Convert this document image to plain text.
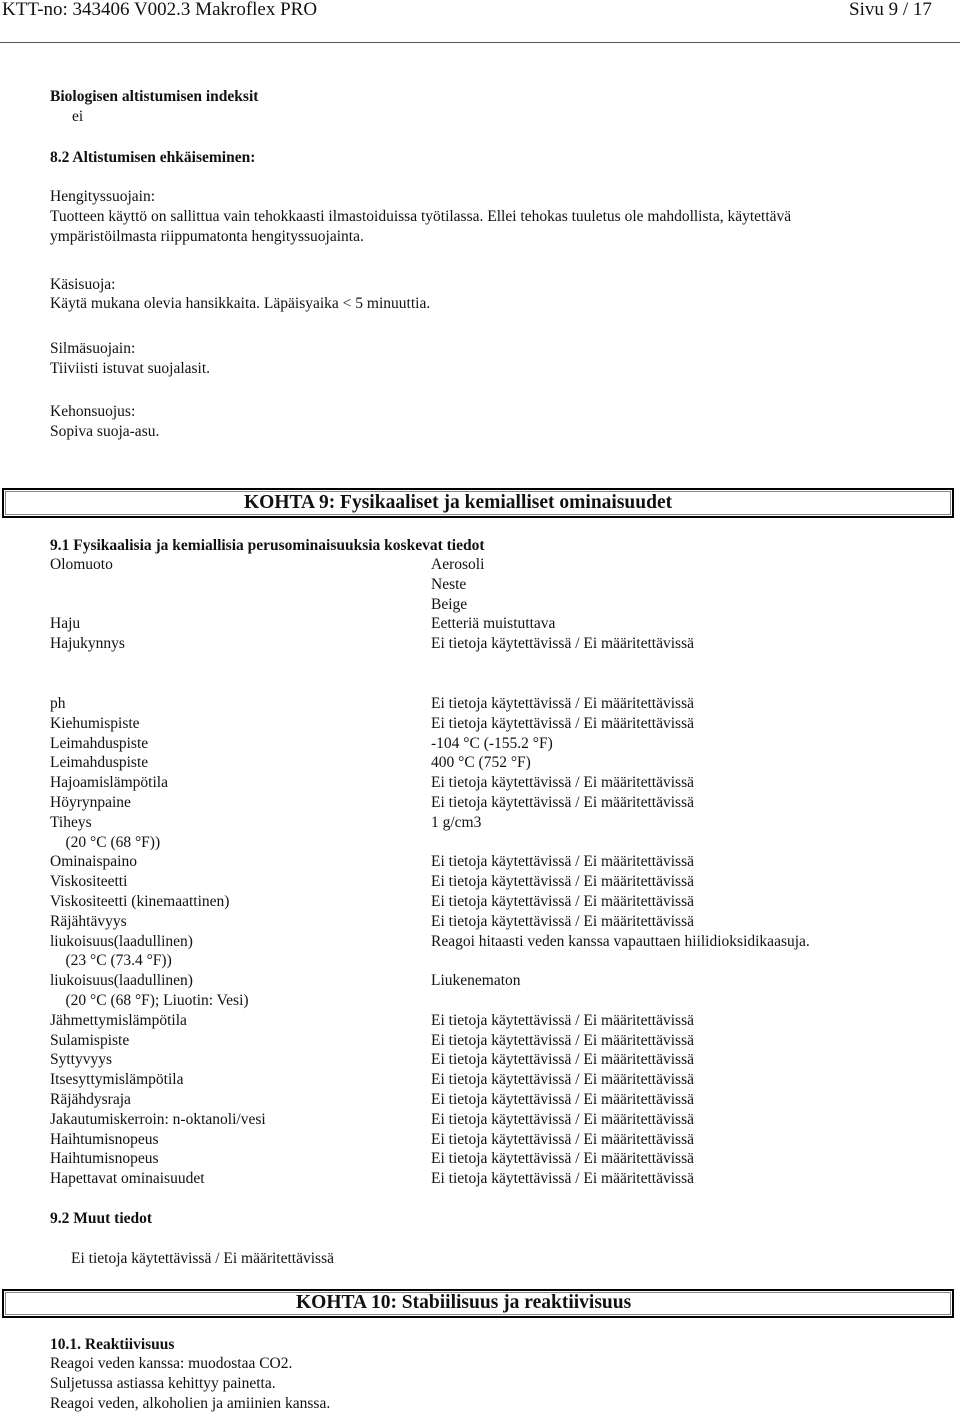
KTT-no: 343406 V002.3 Makroflex PRO	Sivu 9 / 17
Biologisen altistumisen indeksit
ei
8.2 Altistumisen ehkäiseminen:
Hengityssuojain:
Tuotteen käyttö on sallittua vain tehokkaasti ilmastoiduissa työtilassa. Ellei tehokas tuuletus ole mahdollista, käytettävä
ympäristöilmasta riippumatonta hengityssuojainta.
Käsisuoja:
Käytä mukana olevia hansikkaita. Läpäisyaika < 5 minuuttia.
Silmäsuojain:
Tiiviisti istuvat suojalasit.
Kehonsuojus:
Sopiva suoja-asu.
KOHTA 9: Fysikaaliset ja kemialliset ominaisuudet
9.1 Fysikaalisia ja kemiallisia perusominaisuuksia koskevat tiedot
Olomuoto	Aerosoli
Neste
Beige
Haju	Eetteriä muistuttava
Hajukynnys	Ei tietoja käytettävissä / Ei määritettävissä
ph	Ei tietoja käytettävissä / Ei määritettävissä
Kiehumispiste	Ei tietoja käytettävissä / Ei määritettävissä
Leimahduspiste	-104 °C (-155.2 °F)
Leimahduspiste	400 °C (752 °F)
Hajoamislämpötila	Ei tietoja käytettävissä / Ei määritettävissä
Höyrynpaine	Ei tietoja käytettävissä / Ei määritettävissä
Tiheys	1 g/cm3
(20 °C (68 °F))
Ominaispaino	Ei tietoja käytettävissä / Ei määritettävissä
Viskositeetti	Ei tietoja käytettävissä / Ei määritettävissä
Viskositeetti (kinemaattinen)	Ei tietoja käytettävissä / Ei määritettävissä
Räjähtävyys	Ei tietoja käytettävissä / Ei määritettävissä
liukoisuus(laadullinen)	Reagoi hitaasti veden kanssa vapauttaen hiilidioksidikaasuja.
(23 °C (73.4 °F))
liukoisuus(laadullinen)	Liukenematon
(20 °C (68 °F); Liuotin: Vesi)
Jähmettymislämpötila	Ei tietoja käytettävissä / Ei määritettävissä
Sulamispiste	Ei tietoja käytettävissä / Ei määritettävissä
Syttyvyys	Ei tietoja käytettävissä / Ei määritettävissä
Itsesyttymislämpötila	Ei tietoja käytettävissä / Ei määritettävissä
Räjähdysraja	Ei tietoja käytettävissä / Ei määritettävissä
Jakautumiskerroin: n-oktanoli/vesi	Ei tietoja käytettävissä / Ei määritettävissä
Haihtumisnopeus	Ei tietoja käytettävissä / Ei määritettävissä
Haihtumisnopeus	Ei tietoja käytettävissä / Ei määritettävissä
Hapettavat ominaisuudet	Ei tietoja käytettävissä / Ei määritettävissä
9.2 Muut tiedot
Ei tietoja käytettävissä / Ei määritettävissä
KOHTA 10: Stabiilisuus ja reaktiivisuus
10.1. Reaktiivisuus
Reagoi veden kanssa: muodostaa CO2.
Suljetussa astiassa kehittyy painetta.
Reagoi veden, alkoholien ja amiinien kanssa.
